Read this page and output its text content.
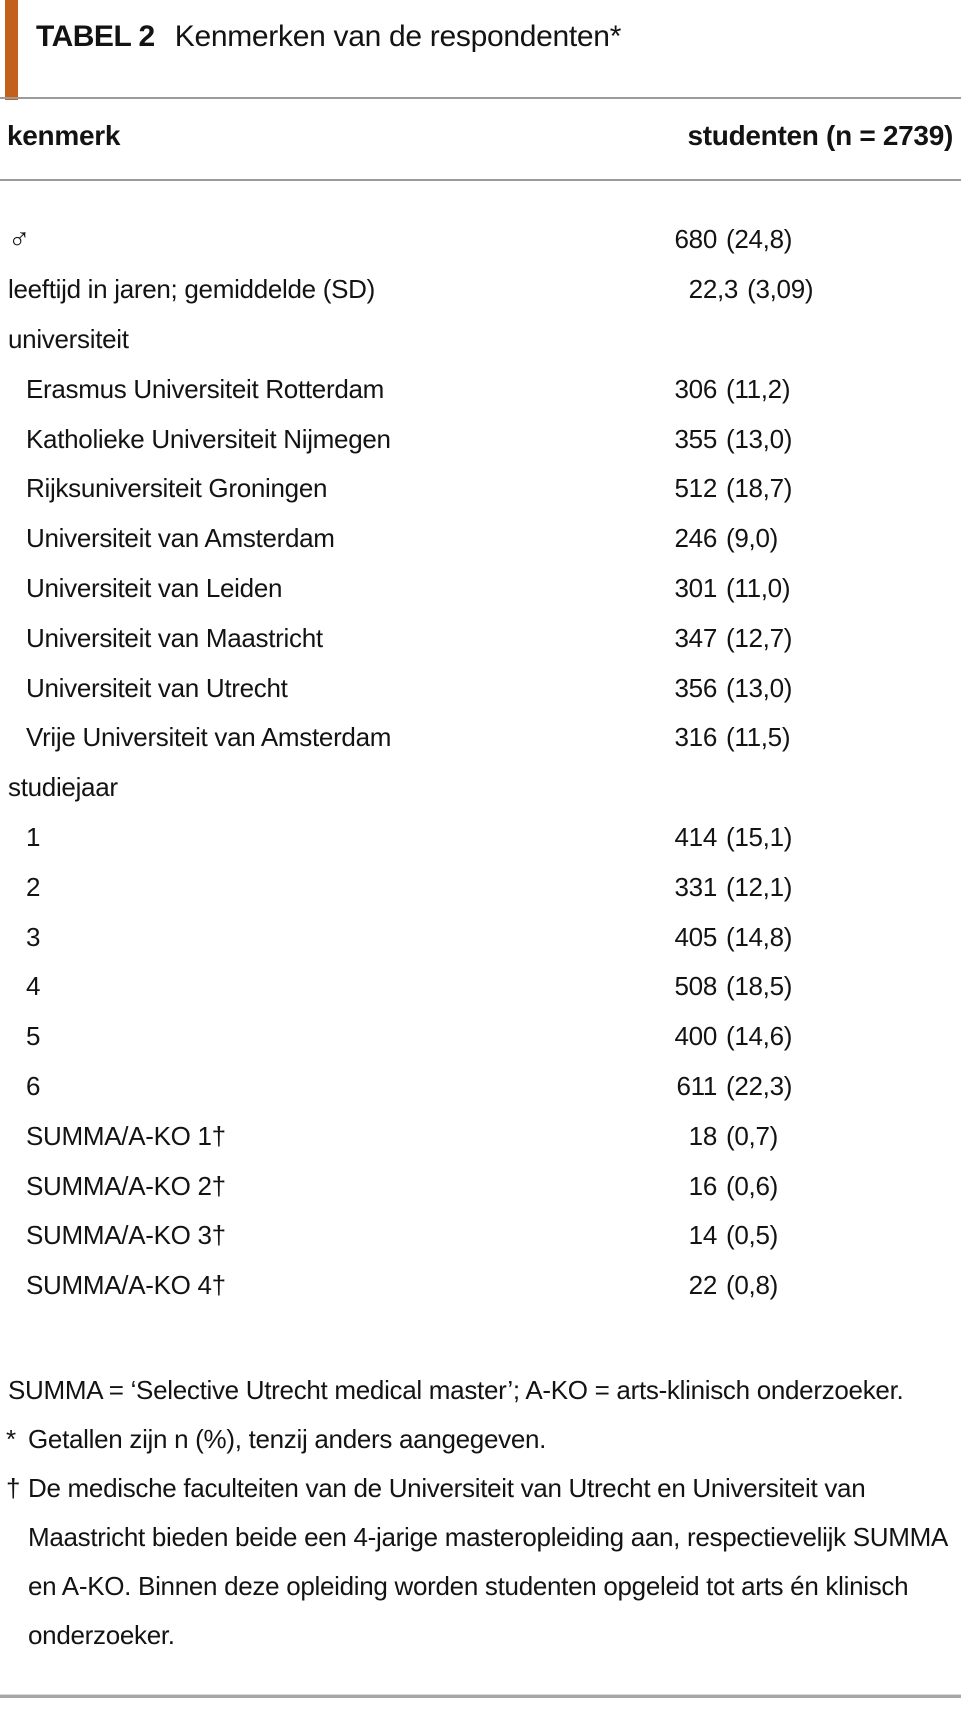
TABEL 2 Kenmerken van de respondenten*
kenmerk	studenten (n = 2739)
♂	680 (24,8)
leeftijd in jaren; gemiddelde (SD)	22 ,3 (3,09)
universiteit
Erasmus Universiteit Rotterdam	306 (11,2)
Katholieke Universiteit Nijmegen	355 (13,0)
Rijksuniversiteit Groningen	512 (18,7)
Universiteit van Amsterdam	246 (9,0)
Universiteit van Leiden	301 (11,0)
Universiteit van Maastricht	347 (12,7)
Universiteit van Utrecht	356 (13,0)
Vrije Universiteit van Amsterdam	316 (11,5)
studiejaar
1	414 (15,1)
2	331 (12,1)
3	405 (14,8)
4	508 (18,5)
5	400 (14,6)
6	611 (22,3)
SUMMA/A-KO 1†	18 (0,7)
SUMMA/A-KO 2†	16 (0,6)
SUMMA/A-KO 3†	14 (0,5)
SUMMA/A-KO 4†	22 (0,8)
SUMMA = ‘Selective Utrecht medical master’; A-KO = arts-klinisch onderzoeker.
* Getallen zijn n (%), tenzij anders aangegeven.
† De medische faculteiten van de Universiteit van Utrecht en Universiteit van Maastricht bieden beide een 4-jarige masteropleiding aan, respectievelijk SUMMA en A-KO. Binnen deze opleiding worden studenten opgeleid tot arts én klinisch onderzoeker.
